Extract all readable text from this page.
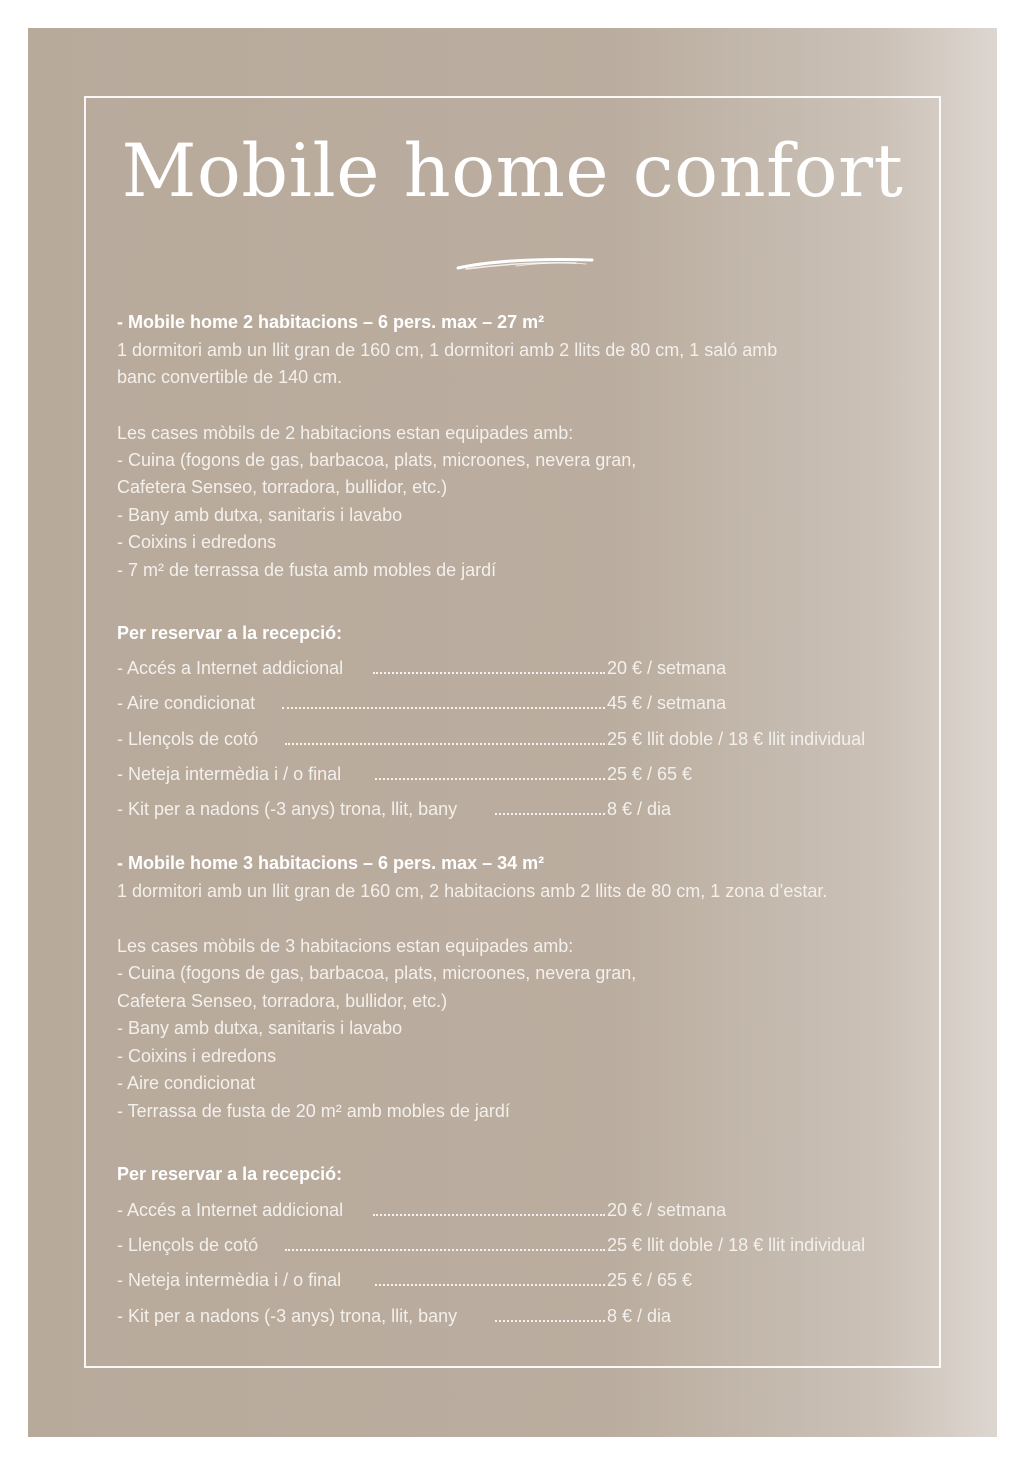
Mobile home confort
- Mobile home 2 habitacions – 6 pers. max – 27 m²
1 dormitori amb un llit gran de 160 cm, 1 dormitori amb 2 llits de 80 cm, 1 saló amb
banc convertible de 140 cm.
Les cases mòbils de 2 habitacions estan equipades amb:
- Cuina (fogons de gas, barbacoa, plats, microones, nevera gran,
Cafetera Senseo, torradora, bullidor, etc.)
- Bany amb dutxa, sanitaris i lavabo
- Coixins i edredons
- 7 m² de terrassa de fusta amb mobles de jardí
Per reservar a la recepció:
- Accés a Internet addicional	20 € / setmana
- Aire condicionat	45 € / setmana
- Llençols de cotó	25 € llit doble / 18 € llit individual
- Neteja intermèdia i / o final	25 € / 65 €
- Kit per a nadons (-3 anys) trona, llit, bany	8 € / dia
- Mobile home 3 habitacions – 6 pers. max – 34 m²
1 dormitori amb un llit gran de 160 cm, 2 habitacions amb 2 llits de 80 cm, 1 zona d’estar.
Les cases mòbils de 3 habitacions estan equipades amb:
- Cuina (fogons de gas, barbacoa, plats, microones, nevera gran,
Cafetera Senseo, torradora, bullidor, etc.)
- Bany amb dutxa, sanitaris i lavabo
- Coixins i edredons
- Aire condicionat
- Terrassa de fusta de 20 m² amb mobles de jardí
Per reservar a la recepció:
- Accés a Internet addicional	20 € / setmana
- Llençols de cotó	25 € llit doble / 18 € llit individual
- Neteja intermèdia i / o final	25 € / 65 €
- Kit per a nadons (-3 anys) trona, llit, bany	8 € / dia
